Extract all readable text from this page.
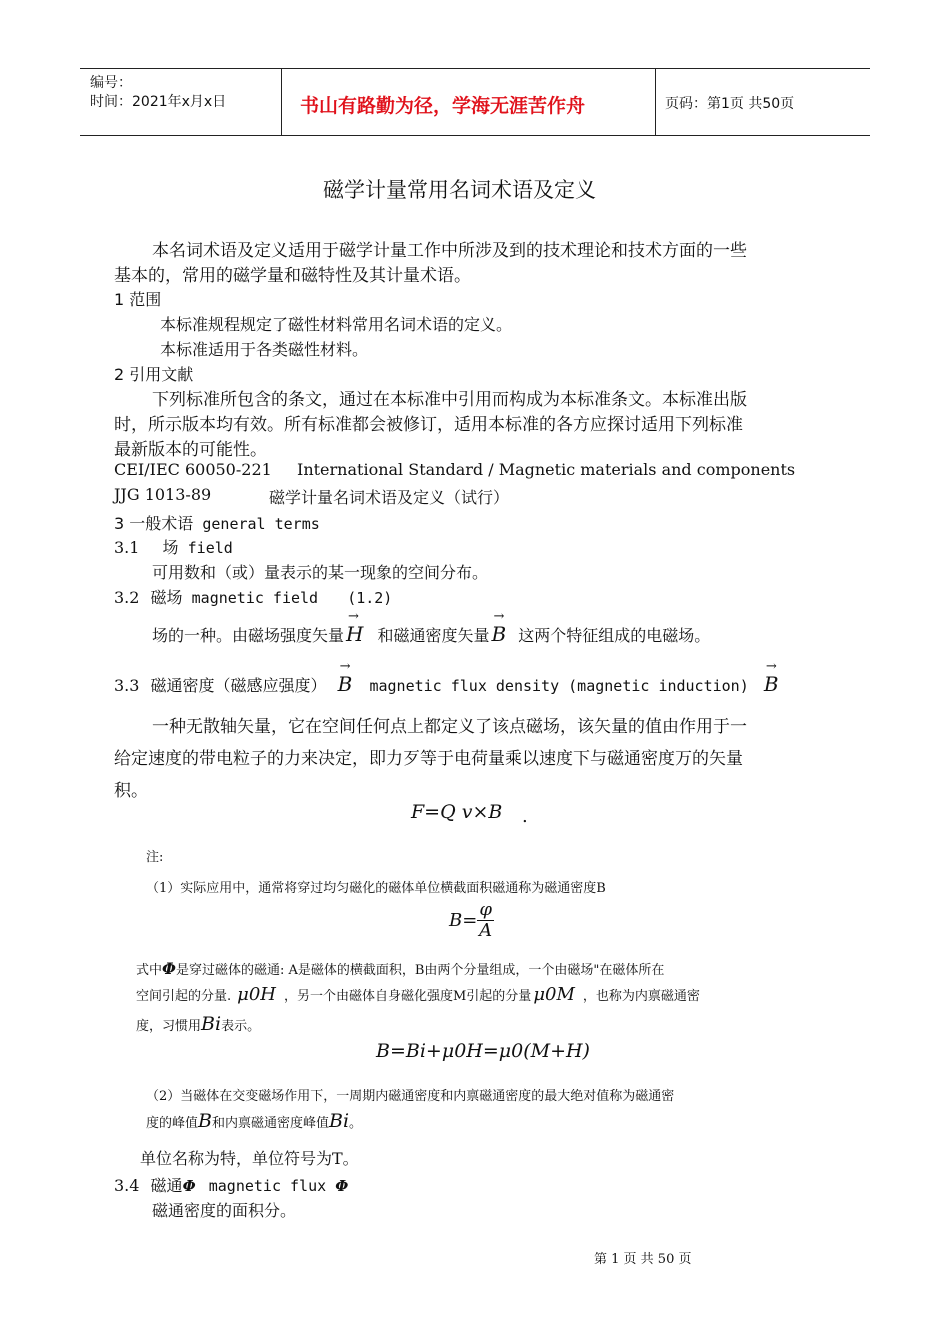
编号：
时间：2021年x月x日	书山有路勤为径，学海无涯苦作舟	页码：第1页 共50页
磁学计量常用名词术语及定义
本名词术语及定义适用于磁学计量工作中所涉及到的技术理论和技术方面的一些
基本的，常用的磁学量和磁特性及其计量术语。
1 范围
本标准规程规定了磁性材料常用名词术语的定义。
本标准适用于各类磁性材料。
2 引用文献
下列标准所包含的条文，通过在本标准中引用而构成为本标准条文。本标准出版
时，所示版本均有效。所有标准都会被修订，适用本标准的各方应探讨适用下列标准
最新版本的可能性。
CEI/IEC 60050-221 International Standard / Magnetic materials and components
JJG 1013-89	磁学计量名词术语及定义（试行）
3 一般术语 general terms
3.1 场 field
可用数和（或）量表示的某一现象的空间分布。
3.2 磁场 magnetic field (1.2)
场的一种。由磁场强度矢量 → H 和磁通密度矢量 → B 这两个特征组成的电磁场。
3.3 磁通密度（磁感应强度） → B magnetic flux density (magnetic induction) → B
一种无散轴矢量，它在空间任何点上都定义了该点磁场，该矢量的值由作用于一
给定速度的带电粒子的力来决定，即力歹等于电荷量乘以速度下与磁通密度万的矢量
积。
F=Q v×B .
注:
（1）实际应用中，通常将穿过均匀磁化的磁体单位横截面积磁通称为磁通密度B
$B= \frac{\varphi}{A}$
式中Φ是穿过磁体的磁通: A是磁体的横截面积，B由两个分量组成，一个由磁场"在磁体所在
空间引起的分量. μ0H ，另一个由磁体自身磁化强度M引起的分量 μ0M ，也称为内禀磁通密
度，习惯用Bi表示。
B=Bi+μ0H=μ0(M+H)
（2）当磁体在交变磁场作用下，一周期内磁通密度和内禀磁通密度的最大绝对值称为磁通密
度的峰值B和内禀磁通密度峰值Bi。
单位名称为特，单位符号为T。
3.4 磁通Φ magnetic flux Φ
磁通密度的面积分。
第 1 页 共 50 页
